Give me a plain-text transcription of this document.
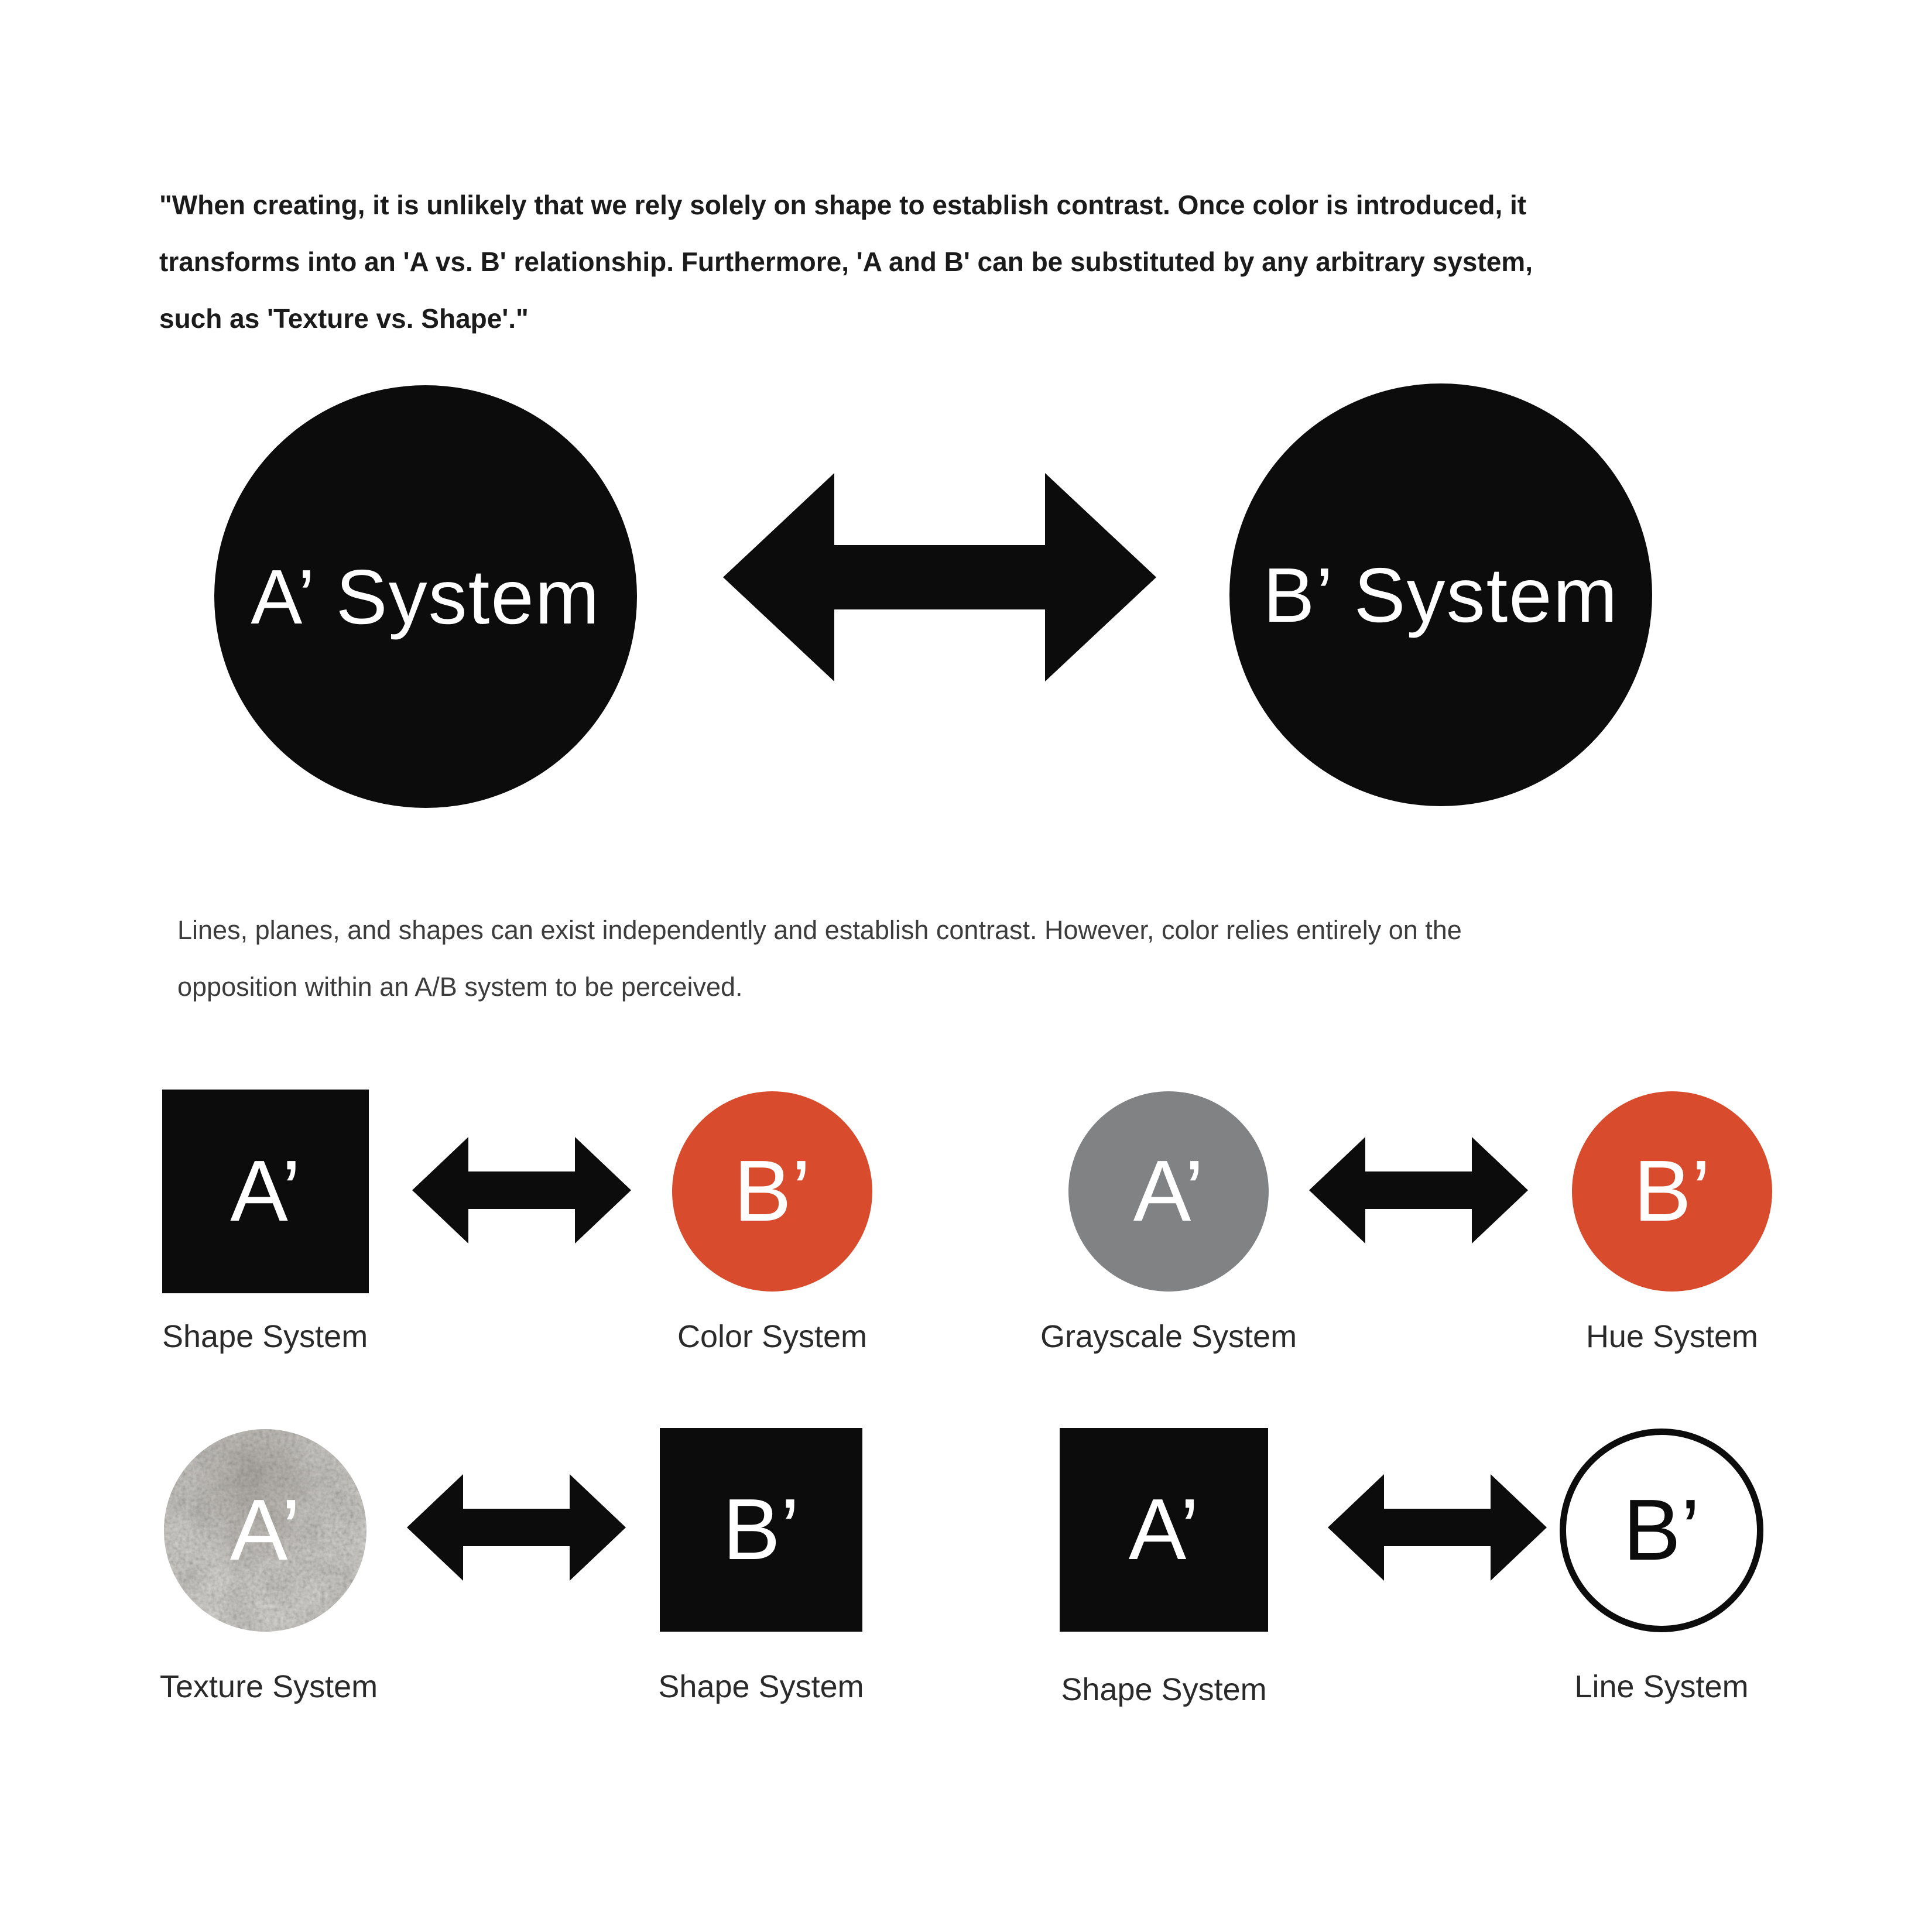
"When creating, it is unlikely that we rely solely on shape to establish contrast. Once color is introduced, it
transforms into an 'A vs. B' relationship. Furthermore, 'A and B' can be substituted by any arbitrary system,
such as 'Texture vs. Shape'."
A’ System	B’ System
Lines, planes, and shapes can exist independently and establish contrast. However, color relies entirely on the
opposition within an A/B system to be perceived.
A’	B’	A’	B’
Shape System	Color System	Grayscale System	Hue System
A’	B’	A’	B’
Texture System	Shape System	Shape System	Line System
